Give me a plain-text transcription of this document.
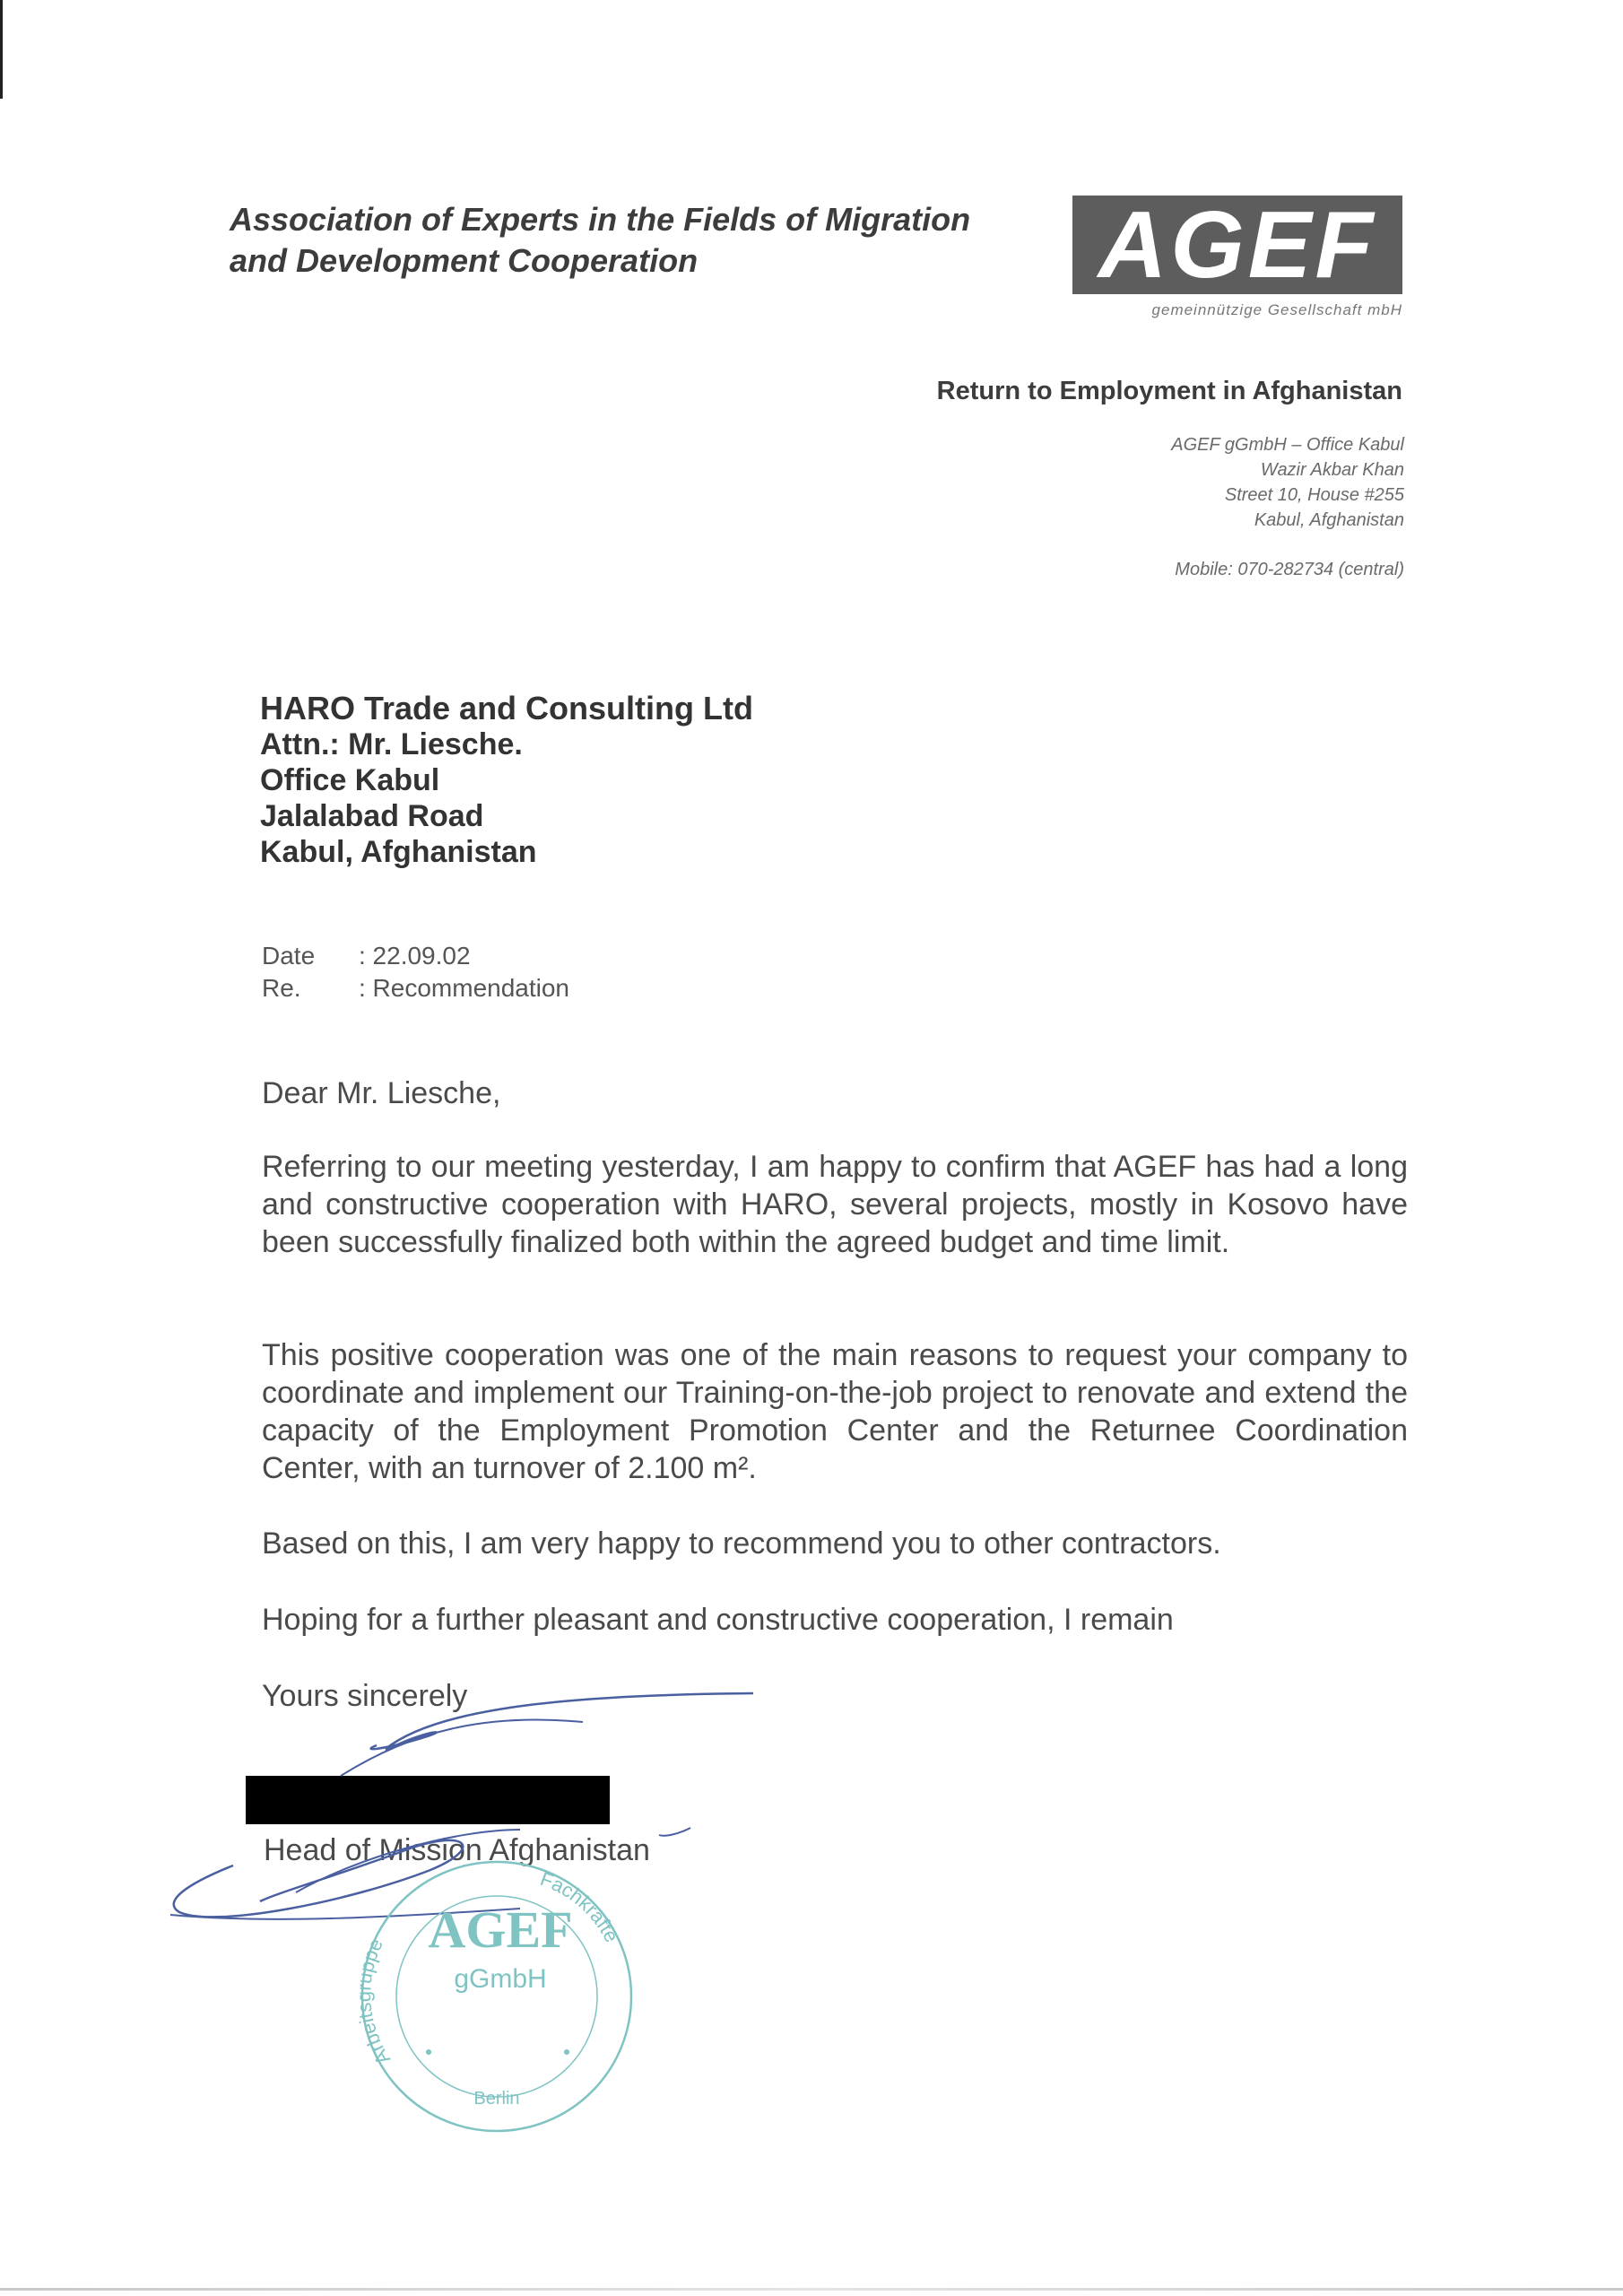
Association of Experts in the Fields of Migration
and Development Cooperation	AGEF
gemeinnützige Gesellschaft mbH
Return to Employment in Afghanistan
AGEF gGmbH – Office Kabul
Wazir Akbar Khan
Street 10, House #255
Kabul, Afghanistan
Mobile: 070-282734 (central)
HARO Trade and Consulting Ltd
Attn.: Mr. Liesche.
Office Kabul
Jalalabad Road
Kabul, Afghanistan
Date	: 22.09.02
Re.	: Recommendation
Dear Mr. Liesche,
Referring to our meeting yesterday, I am happy to confirm that AGEF has had a long and constructive cooperation with HARO, several projects, mostly in Kosovo have been successfully finalized both within the agreed budget and time limit.
This positive cooperation was one of the main reasons to request your company to coordinate and implement our Training-on-the-job project to renovate and extend the capacity of the Employment Promotion Center and the Returnee Coordination Center, with an turnover of 2.100 m².
Based on this, I am very happy to recommend you to other contractors.
Hoping for a further pleasant and constructive cooperation, I remain
Yours sincerely
Head of Mission Afghanistan
Arbeitsgruppe
Fachkräfte
AGEF
gGmbH
Berlin
